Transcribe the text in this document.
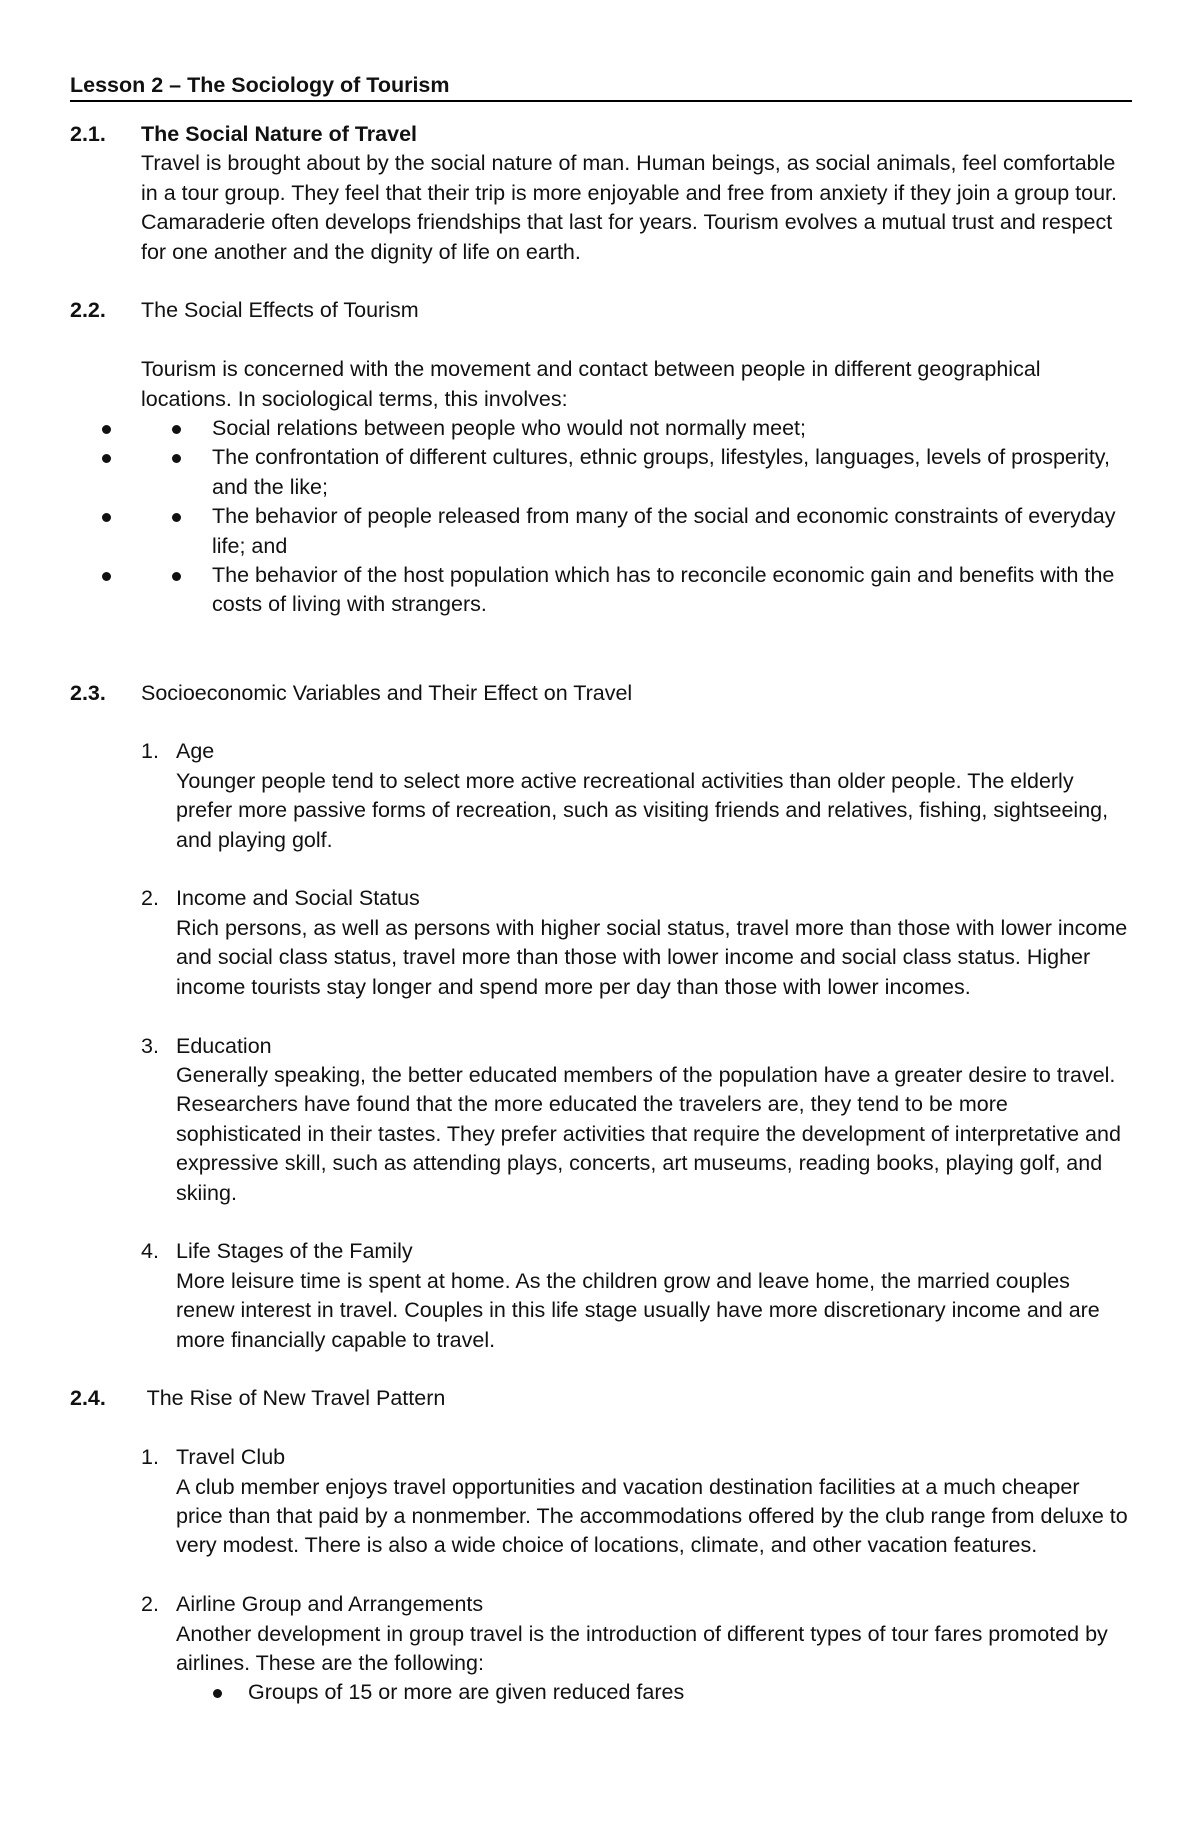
Lesson 2 – The Sociology of Tourism
2.1. The Social Nature of Travel
Travel is brought about by the social nature of man. Human beings, as social animals, feel comfortable in a tour group. They feel that their trip is more enjoyable and free from anxiety if they join a group tour. Camaraderie often develops friendships that last for years. Tourism evolves a mutual trust and respect for one another and the dignity of life on earth.
2.2. The Social Effects of Tourism
Tourism is concerned with the movement and contact between people in different geographical locations. In sociological terms, this involves:
Social relations between people who would not normally meet;
The confrontation of different cultures, ethnic groups, lifestyles, languages, levels of prosperity, and the like;
The behavior of people released from many of the social and economic constraints of everyday life; and
The behavior of the host population which has to reconcile economic gain and benefits with the costs of living with strangers.
2.3. Socioeconomic Variables and Their Effect on Travel
1. Age
Younger people tend to select more active recreational activities than older people. The elderly prefer more passive forms of recreation, such as visiting friends and relatives, fishing, sightseeing, and playing golf.
2. Income and Social Status
Rich persons, as well as persons with higher social status, travel more than those with lower income and social class status, travel more than those with lower income and social class status. Higher income tourists stay longer and spend more per day than those with lower incomes.
3. Education
Generally speaking, the better educated members of the population have a greater desire to travel. Researchers have found that the more educated the travelers are, they tend to be more sophisticated in their tastes. They prefer activities that require the development of interpretative and expressive skill, such as attending plays, concerts, art museums, reading books, playing golf, and skiing.
4. Life Stages of the Family
More leisure time is spent at home. As the children grow and leave home, the married couples renew interest in travel. Couples in this life stage usually have more discretionary income and are more financially capable to travel.
2.4. The Rise of New Travel Pattern
1. Travel Club
A club member enjoys travel opportunities and vacation destination facilities at a much cheaper price than that paid by a nonmember. The accommodations offered by the club range from deluxe to very modest. There is also a wide choice of locations, climate, and other vacation features.
2. Airline Group and Arrangements
Another development in group travel is the introduction of different types of tour fares promoted by airlines. These are the following:
Groups of 15 or more are given reduced fares
